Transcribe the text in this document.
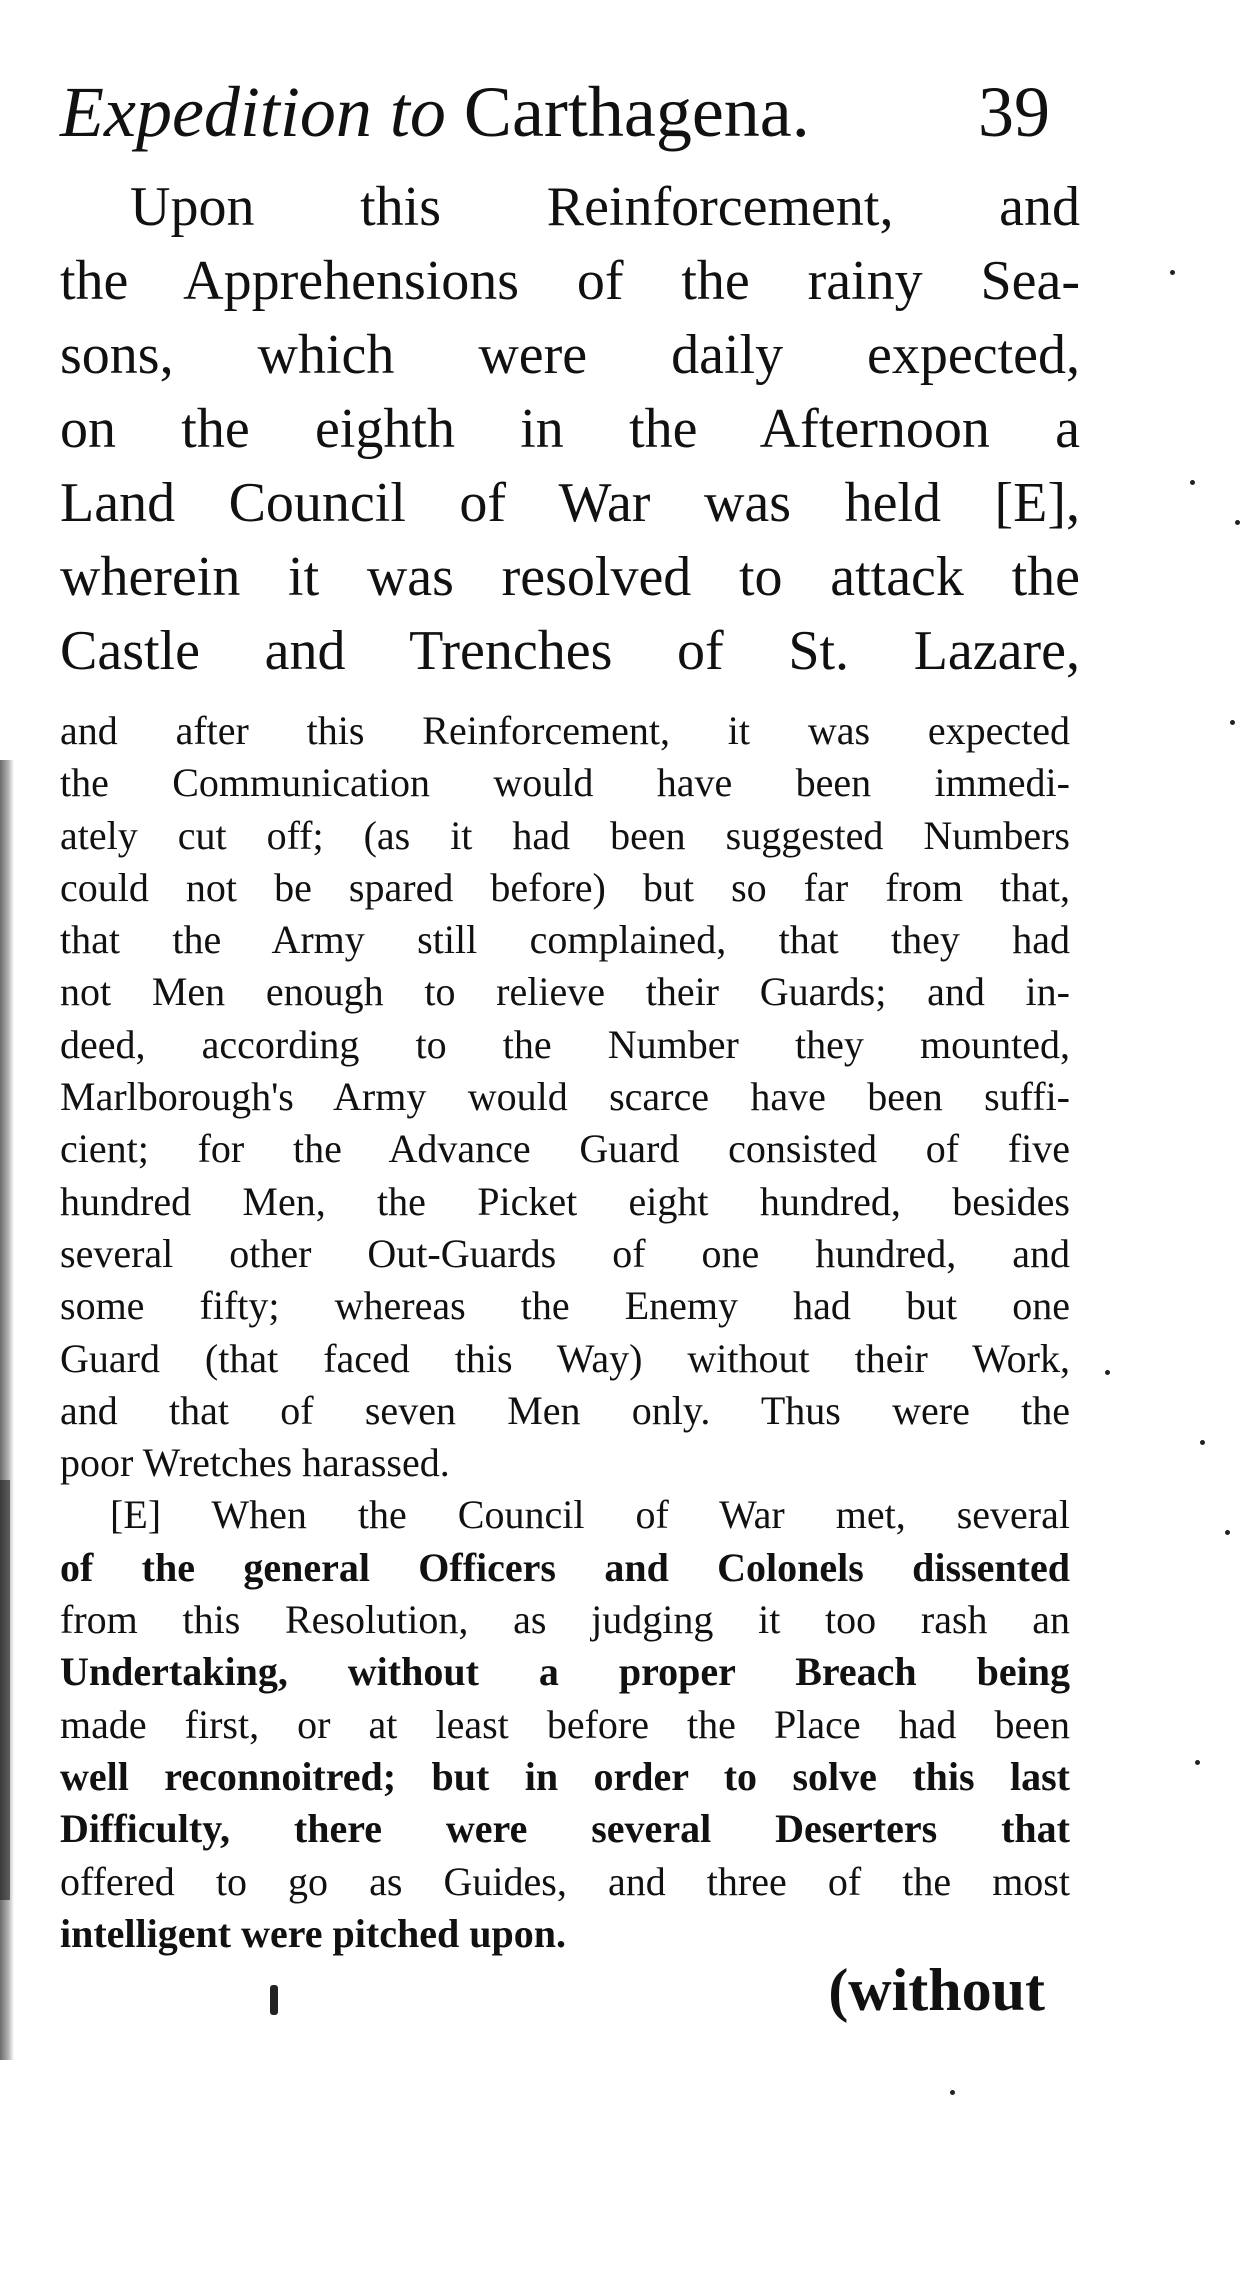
Expedition to Carthagena. 39
Upon this Reinforcement, and
the Apprehensions of the rainy Sea-
sons, which were daily expected,
on the eighth in the Afternoon a
Land Council of War was held [E],
wherein it was resolved to attack the
Castle and Trenches of St. Lazare,
and after this Reinforcement, it was expected
the Communication would have been immedi-
ately cut off; (as it had been suggested Numbers
could not be spared before) but so far from that,
that the Army still complained, that they had
not Men enough to relieve their Guards; and in-
deed, according to the Number they mounted,
Marlborough's Army would scarce have been suffi-
cient; for the Advance Guard consisted of five
hundred Men, the Picket eight hundred, besides
several other Out-Guards of one hundred, and
some fifty; whereas the Enemy had but one
Guard (that faced this Way) without their Work,
and that of seven Men only. Thus were the
poor Wretches harassed.
[E] When the Council of War met, several
of the general Officers and Colonels dissented
from this Resolution, as judging it too rash an
Undertaking, without a proper Breach being
made first, or at least before the Place had been
well reconnoitred; but in order to solve this last
Difficulty, there were several Deserters that
offered to go as Guides, and three of the most
intelligent were pitched upon.
(without
